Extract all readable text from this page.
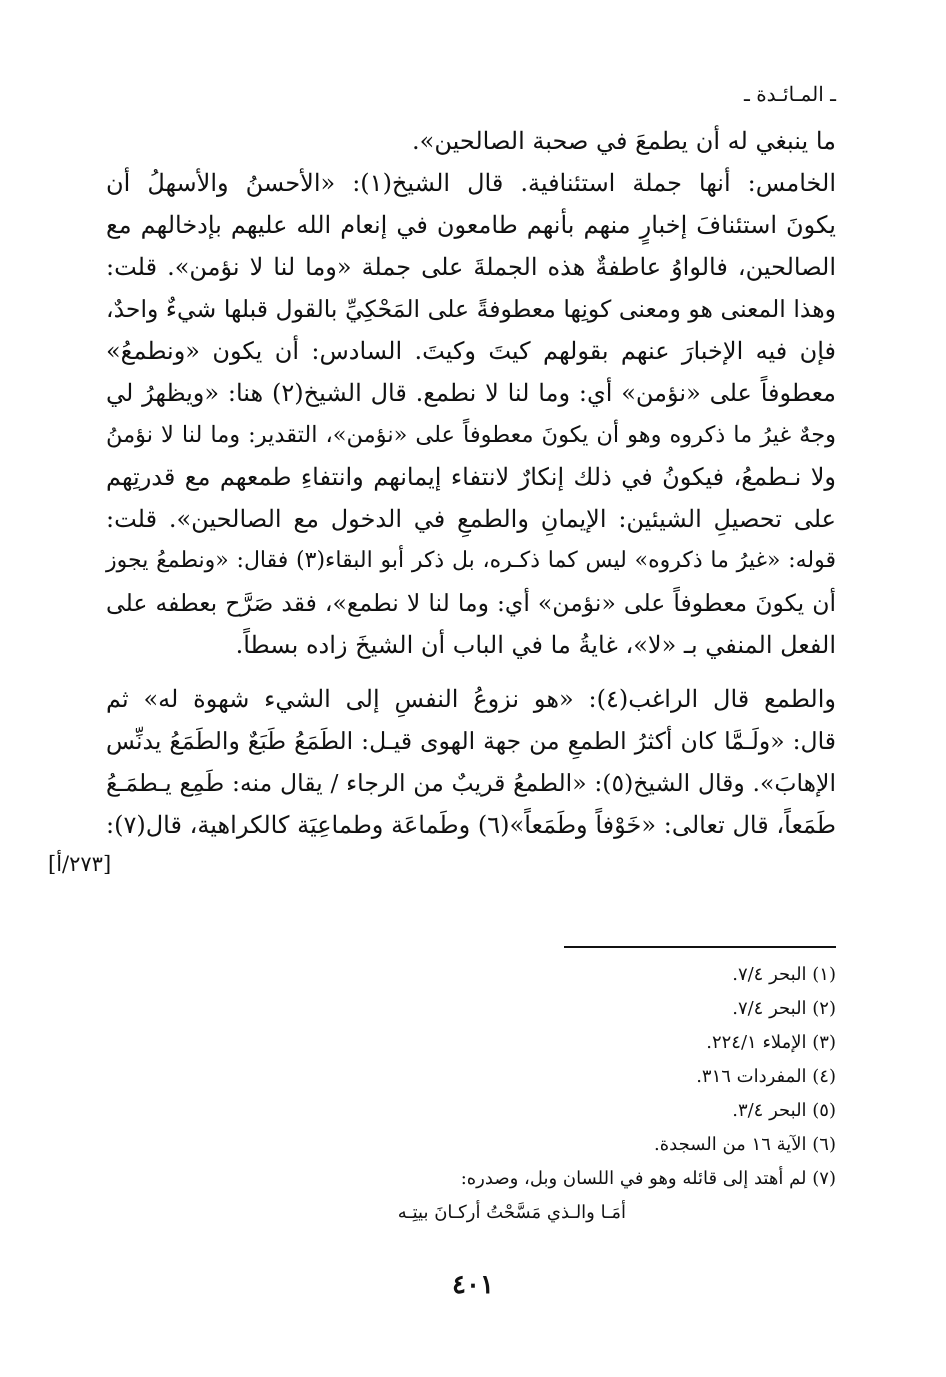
ـ المـائـدة ـ
ما ينبغي له أن يطمعَ في صحبة الصالحين».
الخامس: أنها جملة استئنافية. قال الشيخ(١): «الأحسنُ والأسهلُ أن
يكونَ استئنافَ إخبارٍ منهم بأنهم طامعون في إنعام الله عليهم بإدخالهم مع
الصالحين، فالواوُ عاطفةٌ هذه الجملةَ على جملة «وما لنا لا نؤمن». قلت:
وهذا المعنى هو ومعنى كونِها معطوفةً على المَحْكِيِّ بالقول قبلها شيءٌ واحدٌ،
فإن فيه الإخبارَ عنهم بقولهم كيتَ وكيتَ. السادس: أن يكون «ونطمعُ»
معطوفاً على «نؤمن» أي: وما لنا لا نطمع. قال الشيخ(٢) هنا: «ويظهرُ لي
وجهٌ غيرُ ما ذكروه وهو أن يكونَ معطوفاً على «نؤمن»، التقدير: وما لنا لا نؤمنُ
ولا نـطمعُ، فيكونُ في ذلك إنكارٌ لانتفاء إيمانهم وانتفاءِ طمعهم مع قدرتِهم
على تحصيلِ الشيئين: الإيمانِ والطمعِ في الدخول مع الصالحين». قلت:
قوله: «غيرُ ما ذكروه» ليس كما ذكـره، بل ذكر أبو البقاء(٣) فقال: «ونطمعُ يجوز
أن يكونَ معطوفاً على «نؤمن» أي: وما لنا لا نطمع»، فقد صَرَّح بعطفه على
الفعل المنفي بـ «لا»، غايةُ ما في الباب أن الشيخَ زاده بسطاً.
والطمع قال الراغب(٤): «هو نزوعُ النفسِ إلى الشيء شهوة له» ثم
قال: «ولَـمَّا كان أكثرُ الطمعِ من جهة الهوى قيـل: الطَمَعُ طَبَعٌ والطَمَعُ يدنِّس
الإهابَ». وقال الشيخ(٥): «الطمعُ قريبٌ من الرجاء / يقال منه: طَمِع يـطمَـعُ
طَمَعاً، قال تعالى: «خَوْفاً وطَمَعاً»(٦) وطَماعَة وطماعِيَة كالكراهية، قال(٧):
[٢٧٣/أ]
(١) البحر ٧/٤.
(٢) البحر ٧/٤.
(٣) الإملاء ٢٢٤/١.
(٤) المفردات ٣١٦.
(٥) البحر ٣/٤.
(٦) الآية ١٦ من السجدة.
(٧) لم أهتد إلى قائله وهو في اللسان وبل، وصدره:
أمَـا والـذي مَسَّحْتُ أركـانَ بيتِـه
٤٠١
